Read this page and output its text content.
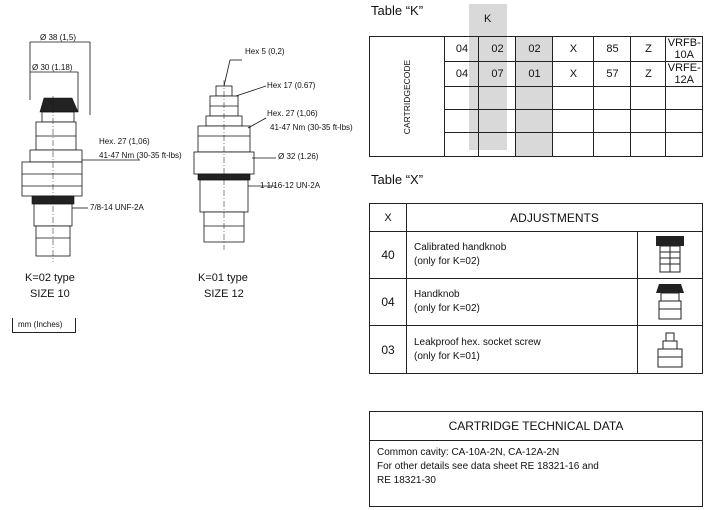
Ø 38 (1,5)
Ø 30 (1.18)
Hex. 27 (1,06)
41-47 Nm (30-35 ft-lbs)
7/8-14 UNF-2A
K=02 type
SIZE 10
Hex 5 (0,2)
Hex 17 (0.67)
Hex. 27 (1,06)
41-47 Nm (30-35 ft-lbs)
Ø 32 (1.26)
1 1/16-12 UN-2A
K=01 type
SIZE 12
mm (Inches)
Table “K”
K
CARTRIDGECODE	04	02	02	X	85	Z	VRFB-10A
	04	07	01	X	57	Z	VRFE-12A

Table “X”
X	ADJUSTMENTS	
40	Calibrated handknob
(only for K=02)

04	Handknob
(only for K=02)

03	Leakproof hex. socket screw
(only for K=01)

CARTRIDGE TECHNICAL DATA
Common cavity: CA-10A-2N, CA-12A-2N
For other details see data sheet RE 18321-16 and
RE 18321-30
